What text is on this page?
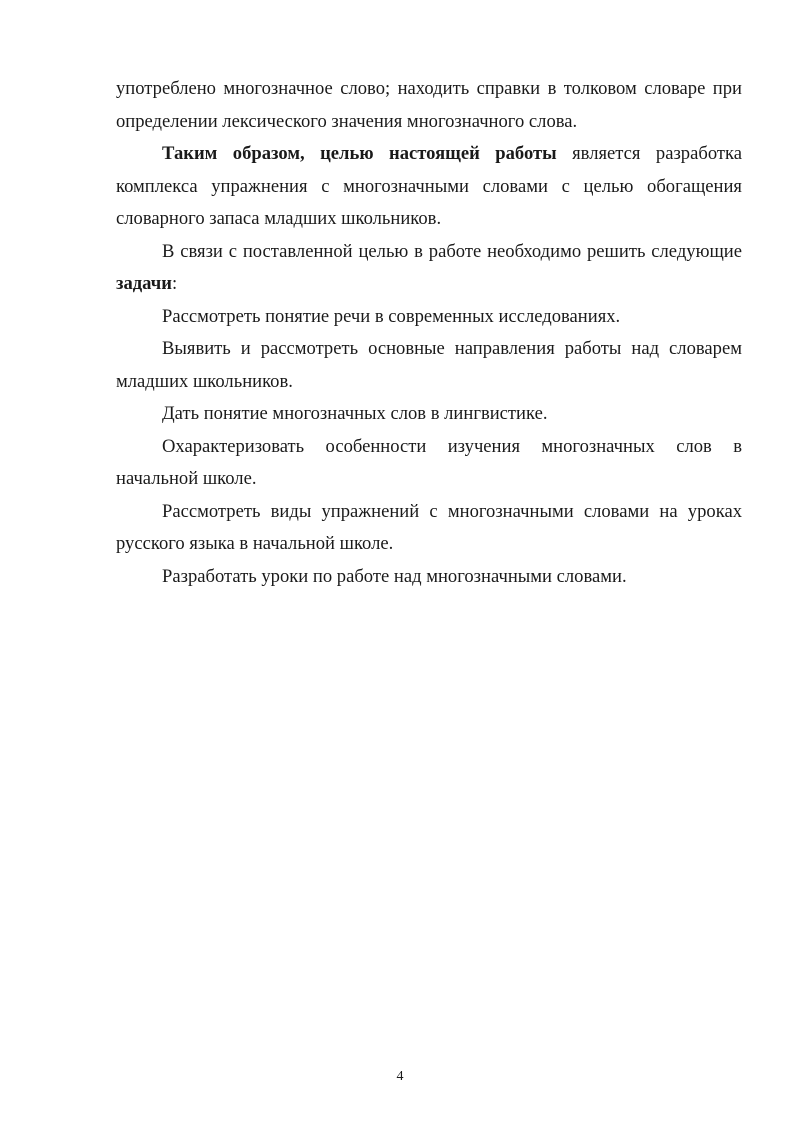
употреблено многозначное слово; находить справки в толковом словаре при определении лексического значения многозначного слова.

Таким образом, целью настоящей работы является разработка комплекса упражнения с многозначными словами с целью обогащения словарного запаса младших школьников.

В связи с поставленной целью в работе необходимо решить следующие задачи:

Рассмотреть понятие речи в современных исследованиях.

Выявить и рассмотреть основные направления работы над словарем младших школьников.

Дать понятие многозначных слов в лингвистике.

Охарактеризовать особенности изучения многозначных слов в начальной школе.

Рассмотреть виды упражнений с многозначными словами на уроках русского языка в начальной школе.

Разработать уроки по работе над многозначными словами.

4
